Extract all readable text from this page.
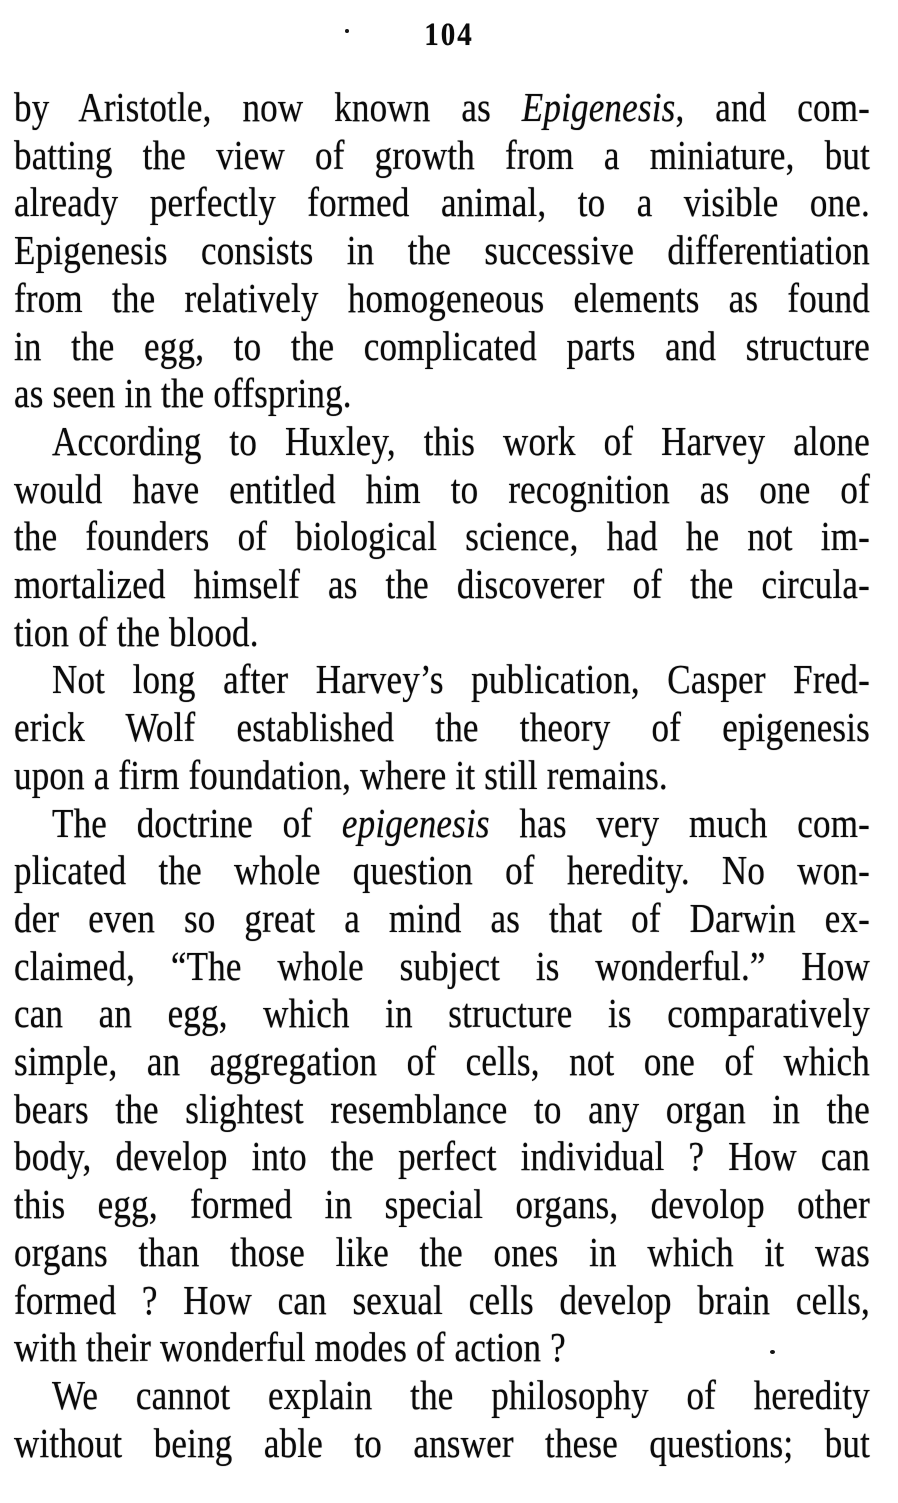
104
by Aristotle, now known as Epigenesis, and com-
batting the view of growth from a miniature, but
already perfectly formed animal, to a visible one.
Epigenesis consists in the successive differentiation
from the relatively homogeneous elements as found
in the egg, to the complicated parts and structure
as seen in the offspring.
According to Huxley, this work of Harvey alone
would have entitled him to recognition as one of
the founders of biological science, had he not im-
mortalized himself as the discoverer of the circula-
tion of the blood.
Not long after Harvey’s publication, Casper Fred-
erick Wolf established the theory of epigenesis
upon a firm foundation, where it still remains.
The doctrine of epigenesis has very much com-
plicated the whole question of heredity. No won-
der even so great a mind as that of Darwin ex-
claimed, “The whole subject is wonderful.” How
can an egg, which in structure is comparatively
simple, an aggregation of cells, not one of which
bears the slightest resemblance to any organ in the
body, develop into the perfect individual ? How can
this egg, formed in special organs, devolop other
organs than those like the ones in which it was
formed ? How can sexual cells develop brain cells,
with their wonderful modes of action ?
We cannot explain the philosophy of heredity
without being able to answer these questions; but
